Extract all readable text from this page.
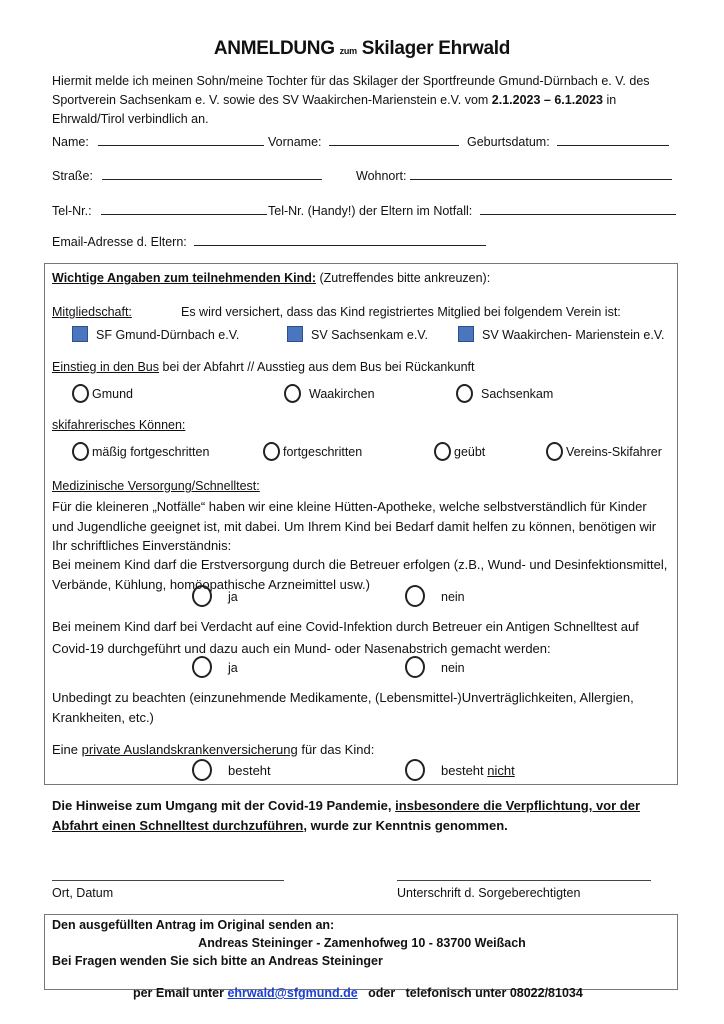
ANMELDUNG zum Skilager Ehrwald
Hiermit melde ich meinen Sohn/meine Tochter für das Skilager der Sportfreunde Gmund-Dürnbach e. V. des Sportverein Sachsenkam e. V. sowie des SV Waakirchen-Marienstein e.V. vom 2.1.2023 – 6.1.2023 in Ehrwald/Tirol verbindlich an.
Name:	Vorname:	Geburtsdatum:
Straße:	Wohnort:
Tel-Nr.:	Tel-Nr. (Handy!) der Eltern im Notfall:
Email-Adresse d. Eltern:
Wichtige Angaben zum teilnehmenden Kind: (Zutreffendes bitte ankreuzen):
Mitgliedschaft:	Es wird versichert, dass das Kind registriertes Mitglied bei folgendem Verein ist:
SF Gmund-Dürnbach e.V.	SV Sachsenkam e.V.	SV Waakirchen- Marienstein e.V.
Einstieg in den Bus bei der Abfahrt // Ausstieg aus dem Bus bei Rückankunft
Gmund	Waakirchen	Sachsenkam
skifahrerisches Können:
mäßig fortgeschritten	fortgeschritten	geübt	Vereins-Skifahrer
Medizinische Versorgung/Schnelltest:
Für die kleineren „Notfälle“ haben wir eine kleine Hütten-Apotheke, welche selbstverständlich für Kinder und Jugendliche geeignet ist, mit dabei. Um Ihrem Kind bei Bedarf damit helfen zu können, benötigen wir Ihr schriftliches Einverständnis:
Bei meinem Kind darf die Erstversorgung durch die Betreuer erfolgen (z.B., Wund- und Desinfektionsmittel, Verbände, Kühlung, homöopathische Arzneimittel usw.)
ja	nein
Bei meinem Kind darf bei Verdacht auf eine Covid-Infektion durch Betreuer ein Antigen Schnelltest auf Covid-19 durchgeführt und dazu auch ein Mund- oder Nasenabstrich gemacht werden:
ja	nein
Unbedingt zu beachten (einzunehmende Medikamente, (Lebensmittel-)Unverträglichkeiten, Allergien, Krankheiten, etc.)
Eine private Auslandskrankenversicherung für das Kind:
besteht	besteht nicht
Die Hinweise zum Umgang mit der Covid-19 Pandemie, insbesondere die Verpflichtung, vor der Abfahrt einen Schnelltest durchzuführen, wurde zur Kenntnis genommen.
Ort, Datum	Unterschrift d. Sorgeberechtigten
Den ausgefüllten Antrag im Original senden an:
Andreas Steininger - Zamenhofweg 10 - 83700 Weißach
Bei Fragen wenden Sie sich bitte an Andreas Steininger

per Email unter ehrwald@sfgmund.de   oder   telefonisch unter 08022/81034
